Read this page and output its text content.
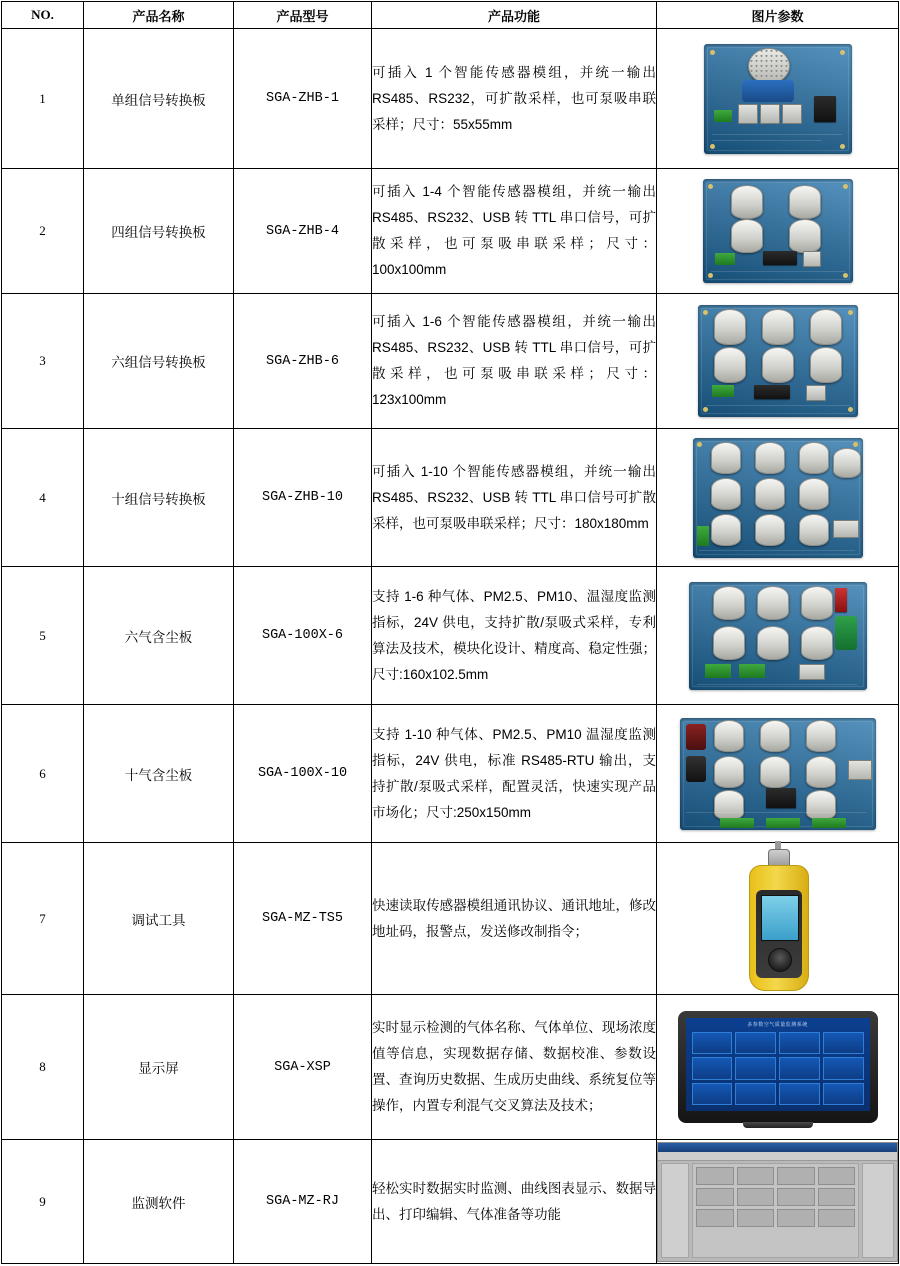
NO.	产品名称	产品型号	产品功能	图片参数
1	单组信号转换板	SGA-ZHB-1	可插入 1 个智能传感器模组，并统一输出 RS485、RS232，可扩散采样，也可泵吸串联采样；尺寸：55x55mm	

2	四组信号转换板	SGA-ZHB-4	可插入 1-4 个智能传感器模组，并统一输出 RS485、RS232、USB 转 TTL 串口信号，可扩散采样，也可泵吸串联采样；尺寸：100x100mm	

3	六组信号转换板	SGA-ZHB-6	可插入 1-6 个智能传感器模组，并统一输出 RS485、RS232、USB 转 TTL 串口信号，可扩散采样，也可泵吸串联采样；尺寸：123x100mm	

4	十组信号转换板	SGA-ZHB-10	可插入 1-10 个智能传感器模组，并统一输出 RS485、RS232、USB 转 TTL 串口信号可扩散采样，也可泵吸串联采样；尺寸：180x180mm	

5	六气含尘板	SGA-100X-6	支持 1-6 种气体、PM2.5、PM10、温湿度监测指标，24V 供电，支持扩散/泵吸式采样，专利算法及技术，模块化设计、精度高、稳定性强；尺寸:160x102.5mm	

6	十气含尘板	SGA-100X-10	支持 1-10 种气体、PM2.5、PM10 温湿度监测指标，24V 供电，标准 RS485-RTU 输出，支持扩散/泵吸式采样，配置灵活，快速实现产品市场化；尺寸:250x150mm	

7	调试工具	SGA-MZ-TS5	快速读取传感器模组通讯协议、通讯地址，修改地址码，报警点，发送修改制指令；	

8	显示屏	SGA-XSP	实时显示检测的气体名称、气体单位、现场浓度值等信息，实现数据存储、数据校准、参数设置、查询历史数据、生成历史曲线、系统复位等操作，内置专利混气交叉算法及技术；	多参数空气质量监测系统

9	监测软件	SGA-MZ-RJ	轻松实时数据实时监测、曲线图表显示、数据导出、打印编辑、气体准备等功能	
